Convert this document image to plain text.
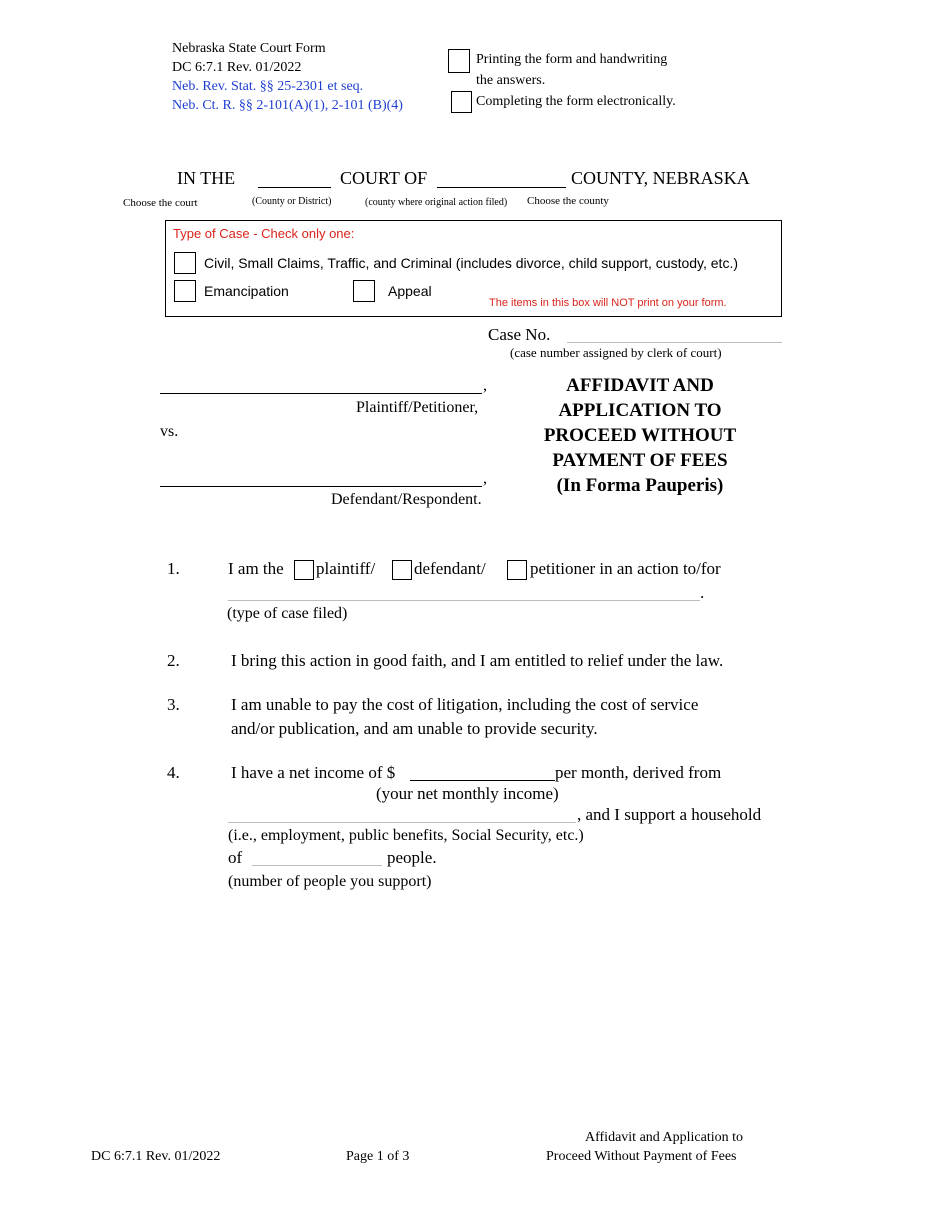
Nebraska State Court Form
DC 6:7.1 Rev. 01/2022
Neb. Rev. Stat. §§ 25-2301 et seq.
Neb. Ct. R. §§ 2-101(A)(1), 2-101 (B)(4)
Printing the form and handwriting
the answers.
Completing the form electronically.
IN THE	COURT OF	COUNTY, NEBRASKA
Choose the court	(County or District)	(county where original action filed) Choose the county
Type of Case - Check only one:
Civil, Small Claims, Traffic, and Criminal (includes divorce, child support, custody, etc.)
Emancipation	Appeal
The items in this box will NOT print on your form.
Case No.
(case number assigned by clerk of court)
,
Plaintiff/Petitioner,
vs.
,
Defendant/Respondent.
AFFIDAVIT AND
APPLICATION TO
PROCEED WITHOUT
PAYMENT OF FEES
(In Forma Pauperis)
1.	I am the plaintiff/ defendant/	petitioner in an action to/for
.
(type of case filed)
2.	I bring this action in good faith, and I am entitled to relief under the law.
3.	I am unable to pay the cost of litigation, including the cost of service
and/or publication, and am unable to provide security.
4.	I have a net income of $	per month, derived from
(your net monthly income)
, and I support a household
(i.e., employment, public benefits, Social Security, etc.)
of	people.
(number of people you support)
DC 6:7.1 Rev. 01/2022	Page 1 of 3
Affidavit and Application to
Proceed Without Payment of Fees
